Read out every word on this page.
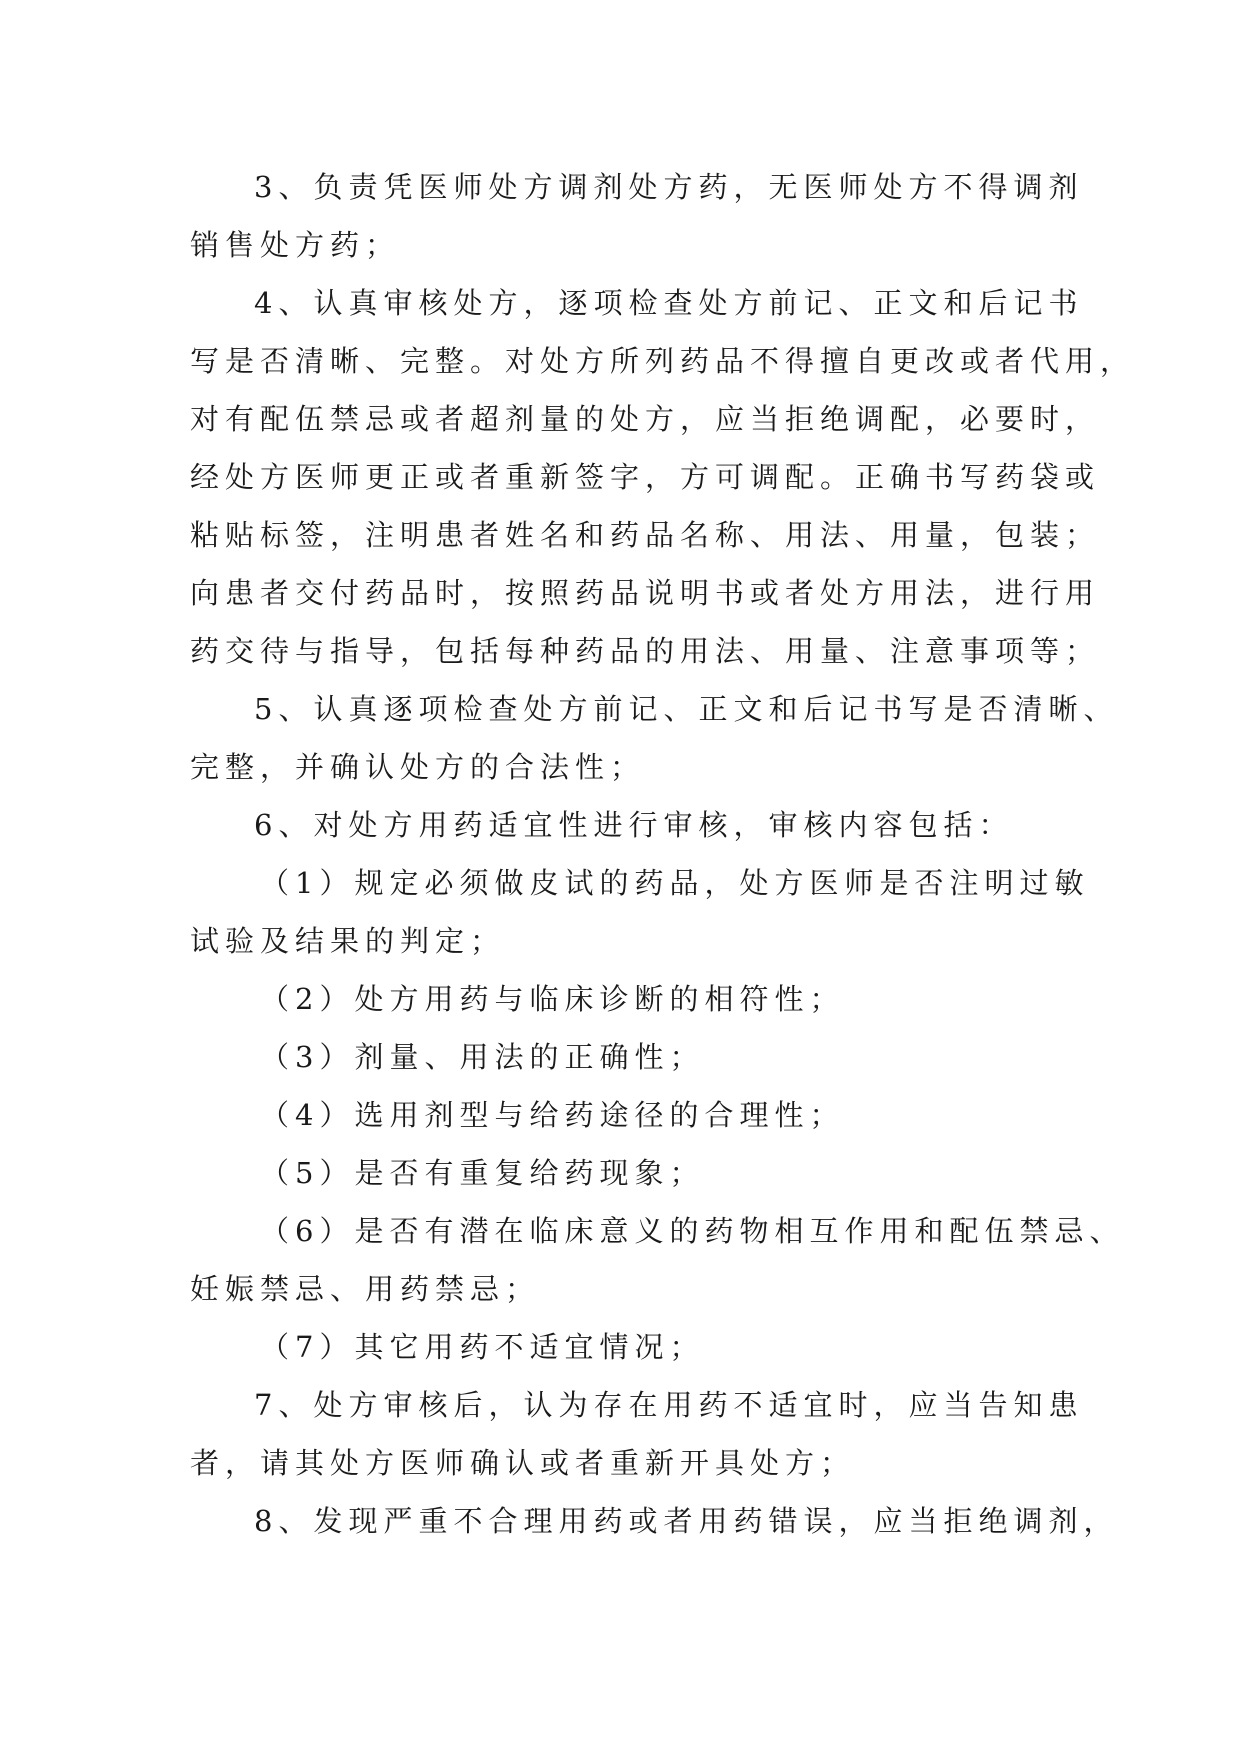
3、负责凭医师处方调剂处方药，无医师处方不得调剂
销售处方药；
4、认真审核处方，逐项检查处方前记、正文和后记书
写是否清晰、完整。对处方所列药品不得擅自更改或者代用，
对有配伍禁忌或者超剂量的处方，应当拒绝调配，必要时，
经处方医师更正或者重新签字，方可调配。正确书写药袋或
粘贴标签，注明患者姓名和药品名称、用法、用量，包装；
向患者交付药品时，按照药品说明书或者处方用法，进行用
药交待与指导，包括每种药品的用法、用量、注意事项等；
5、认真逐项检查处方前记、正文和后记书写是否清晰、
完整，并确认处方的合法性；
6、对处方用药适宜性进行审核，审核内容包括：
（1）规定必须做皮试的药品，处方医师是否注明过敏
试验及结果的判定；
（2）处方用药与临床诊断的相符性；
（3）剂量、用法的正确性；
（4）选用剂型与给药途径的合理性；
（5）是否有重复给药现象；
（6）是否有潜在临床意义的药物相互作用和配伍禁忌、
妊娠禁忌、用药禁忌；
（7）其它用药不适宜情况；
7、处方审核后，认为存在用药不适宜时，应当告知患
者，请其处方医师确认或者重新开具处方；
8、发现严重不合理用药或者用药错误，应当拒绝调剂，
